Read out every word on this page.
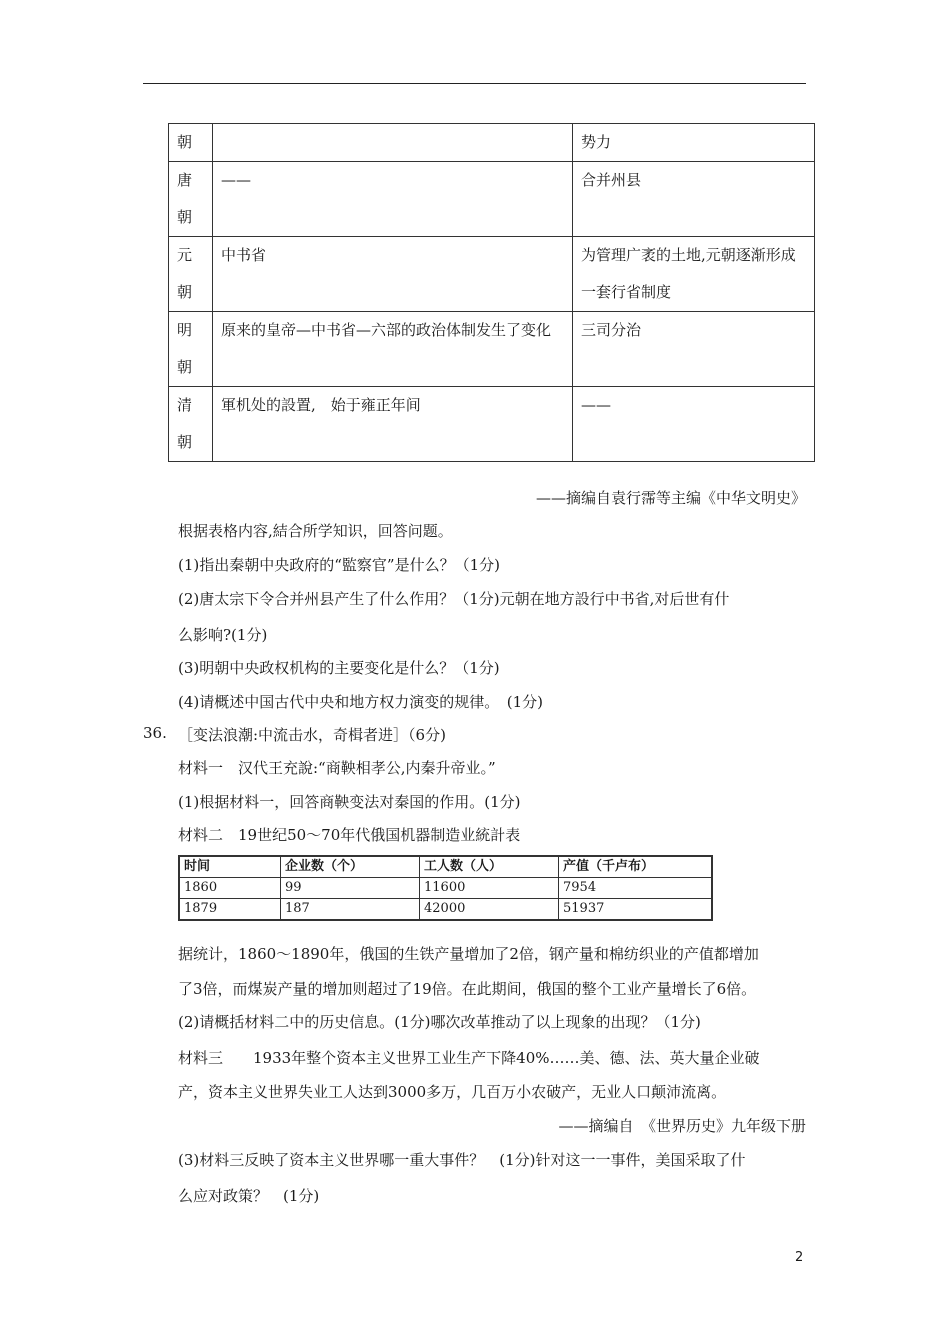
朝		势力
唐朝	——	合并州县
元朝	中书省	为管理广袤的土地,元朝逐渐形成一套行省制度
明朝	原来的皇帝—中书省—六部的政治体制发生了变化	三司分治
清朝	軍机处的設置,　始于雍正年间	——
——摘编自袁行霈等主编《中华文明史》
根据表格内容,結合所学知识，回答问题。
(1)指出秦朝中央政府的“監察官”是什么？（1分)
(2)唐太宗下令合并州县产生了什么作用？（1分)元朝在地方設行中书省,对后世有什
么影响?(1分)
(3)明朝中央政权机构的主要变化是什么？（1分)
(4)请概述中国古代中央和地方权力演变的规律。　(1分)
36. ［变法浪潮:中流击水，奇楫者进］（6分)
材料一　汉代王充說:“商鞅相孝公,内秦升帝业。”
(1)根据材料一，回答商鞅变法对秦国的作用。(1分)
材料二　19世纪50～70年代俄国机器制造业統計表
时间	企业数（个）	工人数（人）	产值（千卢布）
1860	99	11600	7954
1879	187	42000	51937
据统计，1860～1890年，俄国的生铁产量增加了2倍，钢产量和棉纺织业的产值都增加
了3倍，而煤炭产量的增加则超过了19倍。在此期间，俄国的整个工业产量增长了6倍。
(2)请概括材料二中的历史信息。(1分)哪次改革推动了以上现象的出现？（1分)
材料三　　1933年整个资本主义世界工业生产下降40%……美、德、法、英大量企业破
产，资本主义世界失业工人达到3000多万，几百万小农破产，无业人口颠沛流离。
——摘编自　《世界历史》九年级下册
(3)材料三反映了资本主义世界哪一重大事件？　(1分)针对这一一事件，美国采取了什
么应对政策？　(1分)
2
